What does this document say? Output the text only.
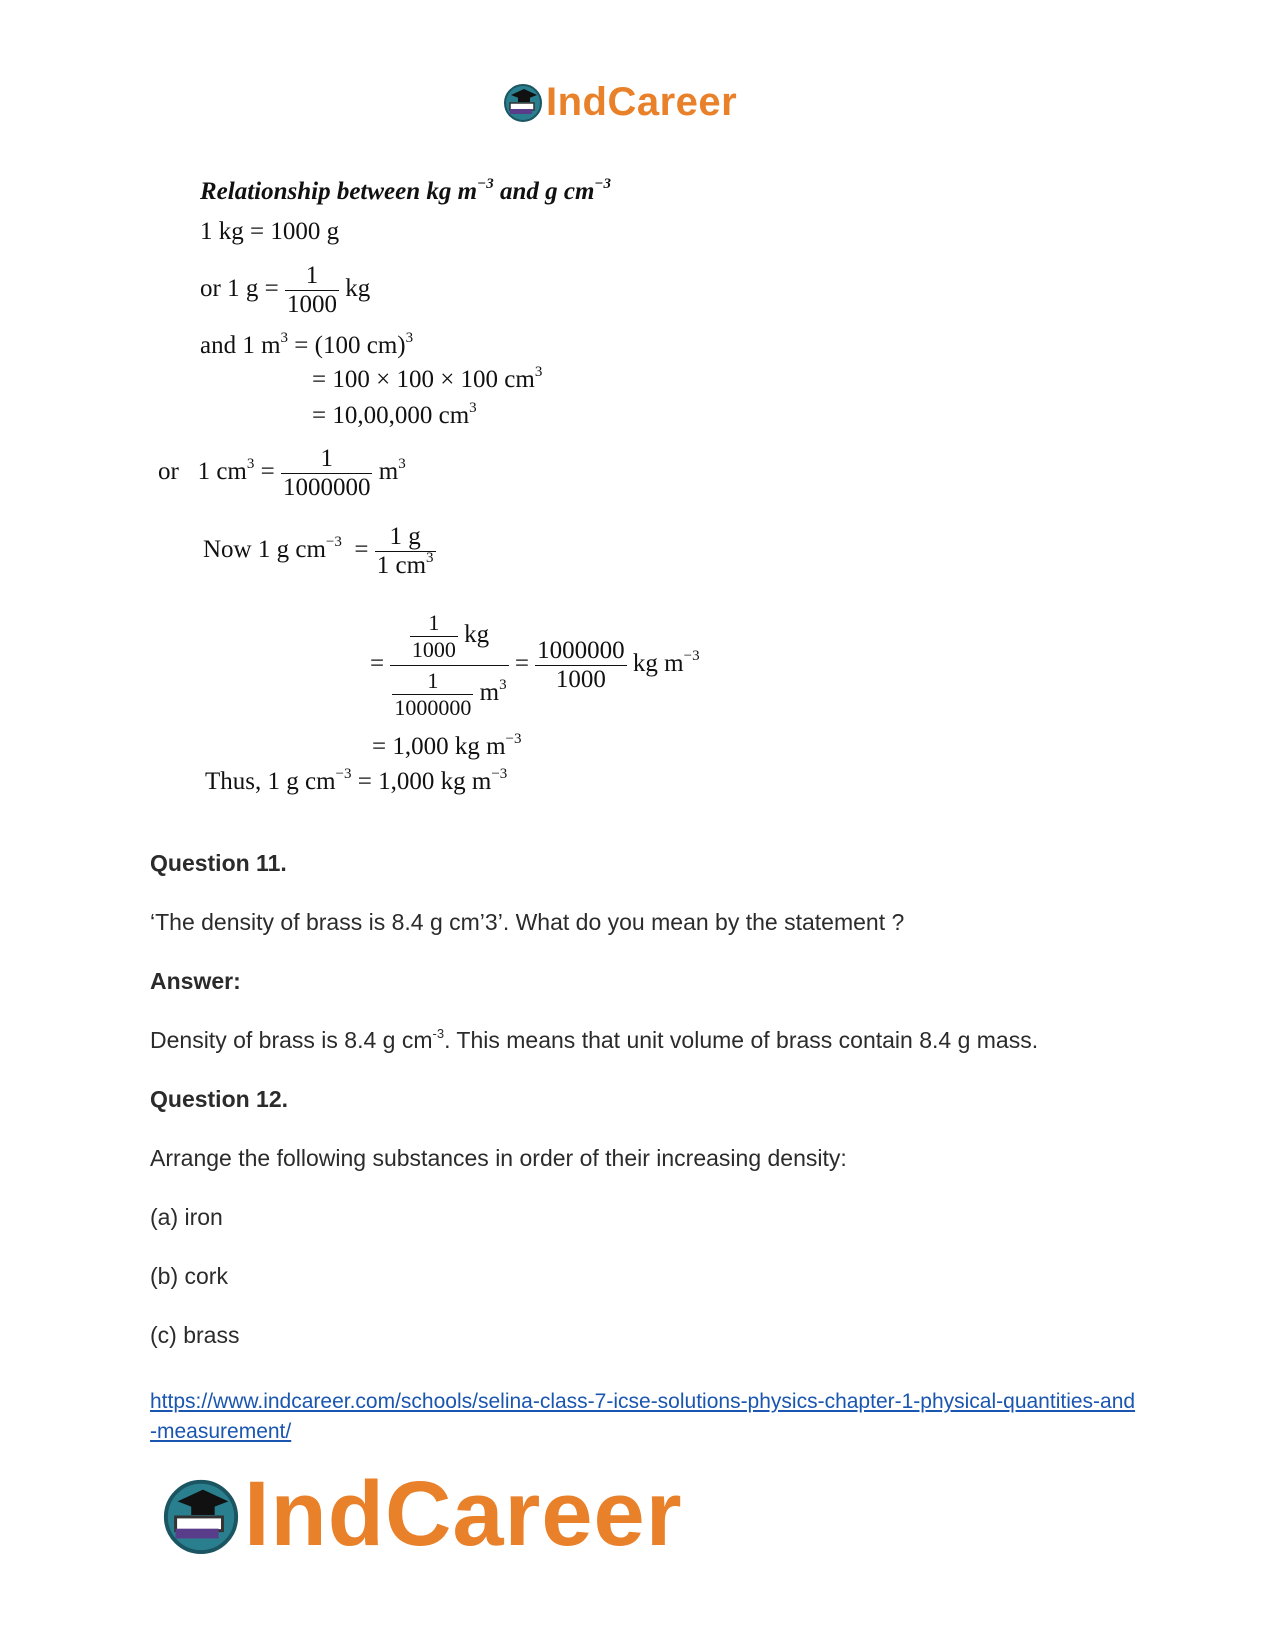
IndCareer
Relationship between kg $m^{-3}$ and g $cm^{-3}$
1 kg = 1000 g
or 1 $g = \frac{1}{1000}$ kg
and 1 $m^3 = (100$ cm)$^3$
= 100 × 100 × 100 $cm^3$
= 10,00,000 $cm^3$
or 1 $cm^3 = \frac{1}{1000000} m^3$
Now 1 g $cm^{-3} = \frac{1 g}{1 cm^3}$
= $\frac{\frac{1}{1000} kg}{\frac{1}{1000000} m^3} = \frac{1000000}{1000}$ kg $m^{-3}$
= 1,000 kg $m^{-3}$
Thus, 1 g $cm^{-3} = 1,000$ kg $m^{-3}$
Question 11.
‘The density of brass is 8.4 g cm’3’. What do you mean by the statement ?
Answer:
Density of brass is 8.4 g $cm^{-3}$. This means that unit volume of brass contain 8.4 g mass.
Question 12.
Arrange the following substances in order of their increasing density:
(a) iron
(b) cork
(c) brass
https://www.indcareer.com/schools/selina-class-7-icse-solutions-physics-chapter-1-physical-quantities-and-measurement/
IndCareer
